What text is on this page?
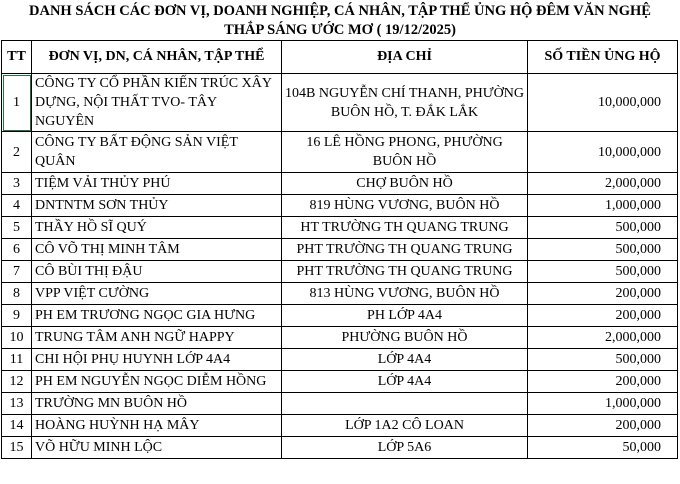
DANH SÁCH CÁC ĐƠN VỊ, DOANH NGHIỆP, CÁ NHÂN, TẬP THỂ ỦNG HỘ ĐÊM VĂN NGHỆ
THẮP SÁNG ƯỚC MƠ ( 19/12/2025)
TT	ĐƠN VỊ, DN, CÁ NHÂN, TẬP THỂ	ĐỊA CHỈ	SỐ TIỀN ỦNG HỘ
1	CÔNG TY CỔ PHẦN KIẾN TRÚC XÂY DỰNG, NỘI THẤT TVO- TÂY NGUYÊN	104B NGUYỄN CHÍ THANH, PHƯỜNG BUÔN HỒ, T. ĐẮK LẮK	10,000,000
2	CÔNG TY BẤT ĐỘNG SẢN VIỆT QUÂN	16 LÊ HỒNG PHONG, PHƯỜNG BUÔN HỒ	10,000,000
3	TIỆM VẢI THỦY PHÚ	CHỢ BUÔN HỒ	2,000,000
4	DNTNTM SƠN THỦY	819 HÙNG VƯƠNG, BUÔN HỒ	1,000,000
5	THẦY HỒ SĨ QUÝ	HT TRƯỜNG TH QUANG TRUNG	500,000
6	CÔ VÕ THỊ MINH TÂM	PHT TRƯỜNG TH QUANG TRUNG	500,000
7	CÔ BÙI THỊ ĐẬU	PHT TRƯỜNG TH QUANG TRUNG	500,000
8	VPP VIỆT CƯỜNG	813 HÙNG VƯƠNG, BUÔN HỒ	200,000
9	PH EM TRƯƠNG NGỌC GIA HƯNG	PH LỚP 4A4	200,000
10	TRUNG TÂM ANH NGỮ HAPPY	PHƯỜNG BUÔN HỒ	2,000,000
11	CHI HỘI PHỤ HUYNH LỚP 4A4	LỚP 4A4	500,000
12	PH EM NGUYỄN NGỌC DIỄM HỒNG	LỚP 4A4	200,000
13	TRƯỜNG MN BUÔN HỒ		1,000,000
14	HOÀNG HUỲNH HẠ MÂY	LỚP 1A2 CÔ LOAN	200,000
15	VÕ HỮU MINH LỘC	LỚP 5A6	50,000
